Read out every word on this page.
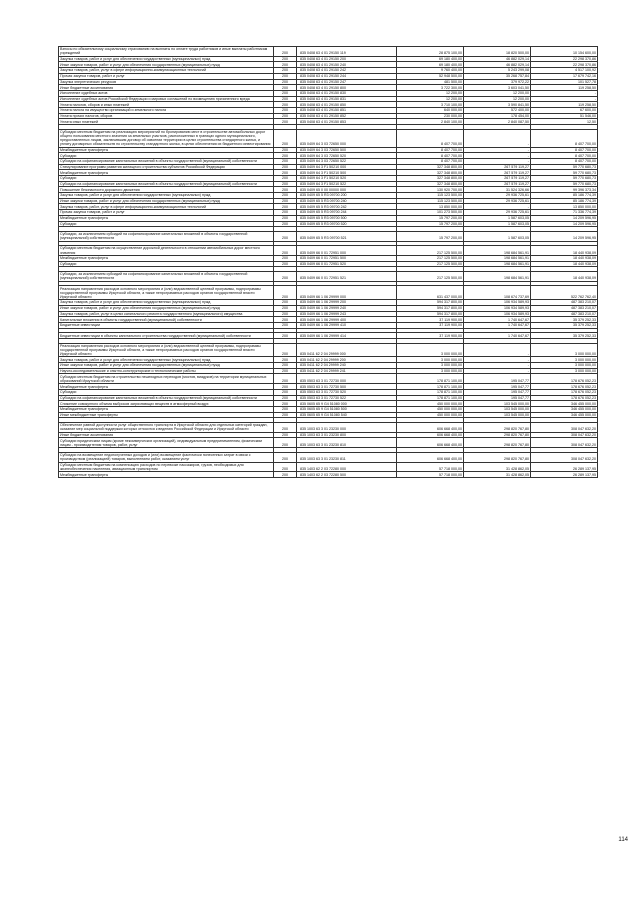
Взносы по обязательному социальному страхованию на выплаты по оплате труда работников и иные выплаты работникам учреждений	200	835 0408 63 4 01 29150 119	28 875 100,00	18 820 500,00	10 154 600,00
Закупка товаров, работ и услуг для обеспечения государственных (муниципальных) нужд	200	835 0408 63 4 01 29150 200	69 180 400,00	46 882 029,14	22 298 370,86
Иные закупки товаров, работ и услуг для обеспечения государственных (муниципальных) нужд	200	835 0408 63 4 01 29150 240	69 180 400,00	46 882 029,14	22 298 370,86
Закупка товаров, работ, услуг в сфере информационно-коммуникационных технологий	200	835 0408 63 4 01 29150 242	9 760 400,00	5 243 299,08	4 517 100,92
Прочая закупка товаров, работ и услуг	200	835 0408 63 4 01 29150 244	52 948 500,00	35 268 757,84	17 679 742,16
Закупка энергетических ресурсов	200	835 0408 63 4 01 29150 247	481 500,00	379 972,22	101 527,78
Иные бюджетные ассигнования	200	835 0408 63 4 01 29150 800	3 722 300,00	3 603 041,50	119 258,50
Исполнение судебных актов	200	835 0408 63 4 01 29150 830	12 200,00	12 200,00	-
Исполнение судебных актов Российской Федерации и мировых соглашений по возмещению причиненного вреда	200	835 0408 63 4 01 29150 831	12 200,00	12 200,00	-
Уплата налогов, сборов и иных платежей	200	835 0408 63 4 01 29150 850	3 710 100,00	3 590 841,50	119 258,50
Уплата налога на имущество организаций и земельного налога	200	835 0408 63 4 01 29150 851	640 000,00	572 400,00	67 600,00
Уплата прочих налогов, сборов	200	835 0408 63 4 01 29150 852	230 000,00	178 454,00	51 546,00
Уплата иных платежей	200	835 0408 63 4 01 29150 853	2 840 100,00	2 840 087,50	12,50

Субсидии местным бюджетам на реализацию мероприятий по бронированию мест в строительстве автомобильных дорог общего пользования местного значения за земельных участков, расположенных в границах одного муниципального, предоставленных лицам, заключившим договор об освоении территории в целях строительства стандартного жилья, и уплату договорных обязательств по строительству стандартного жилья, в целях обеспечения их бюджетного инвестирования	200	835 0409 64 3 03 72650 000	8 407 700,00	-	8 407 700,00
Межбюджетные трансферты	200	835 0409 64 3 03 72650 500	8 407 700,00	-	8 407 700,00
Субсидии	200	835 0409 64 3 03 72650 520	8 407 700,00	-	8 407 700,00
Субсидии на софинансирование капитальных вложений в объекты государственной (муниципальной) собственности	200	835 0409 64 3 03 72650 522	8 407 700,00	-	8 407 700,00
Стимулирование программ развития жилищного строительства субъектов Российской Федерации	200	835 0409 64 3 F1 50210 000	327 348 800,00	267 579 119,27	59 770 680,73
Межбюджетные трансферты	200	835 0409 64 3 F1 50210 500	327 348 800,00	267 579 119,27	59 770 680,73
Субсидии	200	835 0409 64 3 F1 50210 520	327 348 800,00	267 579 119,27	59 770 680,73
Субсидии на софинансирование капитальных вложений в объекты государственной (муниципальной) собственности	200	835 0409 64 3 F1 50210 522	327 348 800,00	267 579 119,27	59 770 680,73
Повышение безопасности дорожного движения	200	835 0409 65 0 00 00000 000	130 920 700,00	31 524 326,66	99 396 373,34
Закупка товаров, работ и услуг для обеспечения государственных (муниципальных) нужд	200	835 0409 65 5 R3 09700 200	115 123 500,00	29 936 725,61	85 186 774,39
Иные закупки товаров, работ и услуг для обеспечения государственных (муниципальных) нужд	200	835 0409 65 5 R3 09700 240	115 123 500,00	29 936 725,61	85 186 774,39
Закупка товаров, работ, услуг в сфере информационно-коммуникационных технологий	200	835 0409 65 5 R3 09700 242	13 850 000,00	-	13 850 000,00
Прочая закупка товаров, работ и услуг	200	835 0409 65 5 R3 09700 244	101 273 500,00	29 936 725,61	71 336 774,39
Межбюджетные трансферты	200	835 0409 65 5 R3 09700 500	15 797 200,00	1 587 603,05	14 209 596,95
Субсидии	200	835 0409 65 5 R3 09700 520	15 797 200,00	1 587 603,05	14 209 596,95

Субсидии, за исключением субсидий на софинансирование капитальных вложений в объекты государственной (муниципальной) собственности	200	835 0409 65 5 R3 09700 521	15 797 200,00	1 587 603,05	14 209 596,95

Субсидии местным бюджетам на осуществление дорожной деятельности в отношении автомобильных дорог местного значения	200	835 0409 66 0 01 72951 000	217 125 500,00	198 684 561,91	18 440 938,09
Межбюджетные трансферты	200	835 0409 66 0 01 72951 500	217 125 500,00	198 684 561,91	18 440 938,09
Субсидии	200	835 0409 66 0 01 72951 520	217 125 500,00	198 684 561,91	18 440 938,09

Субсидии, за исключением субсидий на софинансирование капитальных вложений в объекты государственной (муниципальной) собственности	200	835 0409 66 0 01 72951 521	217 125 500,00	198 684 561,91	18 440 938,09

Реализация направления расходов основного мероприятия и (или) ведомственной целевой программы, подпрограммы государственной программы Иркутской области, а также непрограммных расходов органов государственной власти Иркутской области	200	835 0409 66 1 06 29999 000	631 437 000,00	108 674 737,69	522 762 762,40
Закупка товаров, работ и услуг для обеспечения государственных (муниципальных) нужд	200	835 0409 66 1 06 29999 200	594 317 800,00	106 934 589,93	487 383 210,07
Иные закупки товаров, работ и услуг для обеспечения государственных (муниципальных) нужд	200	835 0409 66 1 06 29999 240	594 317 800,00	106 934 589,93	487 383 210,07
Закупка товаров, работ, услуг в целях капитального ремонта государственного (муниципального) имущества	200	835 0409 66 1 06 29999 243	594 317 800,00	106 934 589,93	487 383 210,07
Капитальные вложения в объекты государственной (муниципальной) собственности	200	835 0409 66 1 06 29999 400	37 119 900,00	1 740 647,67	35 379 252,33
Бюджетные инвестиции	200	835 0409 66 1 06 29999 410	37 119 900,00	1 740 647,67	35 379 252,33

Бюджетные инвестиции в объекты капитального строительства государственной (муниципальной) собственности	200	835 0409 66 1 06 29999 414	37 119 900,00	1 740 647,67	35 379 252,33

Реализация направления расходов основного мероприятия и (или) ведомственной целевой программы, подпрограммы государственной программы Иркутской области, а также непрограммных расходов органов государственной власти Иркутской области	200	835 0411 62 2 04 29999 000	3 000 000,00	-	3 000 000,00
Закупка товаров, работ и услуг для обеспечения государственных (муниципальных) нужд	200	835 0411 62 2 04 29999 200	3 000 000,00	-	3 000 000,00
Иные закупки товаров, работ и услуг для обеспечения государственных (муниципальных) нужд	200	835 0411 62 2 04 29999 240	3 000 000,00	-	3 000 000,00
Научно-исследовательские и опытно-конструкторские и технологические работы	200	835 0411 62 2 04 29999 241	3 000 000,00	-	3 000 000,00
Субсидии местным бюджетам на строительство пешеходных переходов (мостов, виадуков) на территории муниципальных образований Иркутской области	200	835 0503 63 3 01 72730 000	178 871 100,00	195 047,77	178 676 052,23
Межбюджетные трансферты	200	835 0503 63 3 01 72730 500	178 871 100,00	195 047,77	178 676 052,23
Субсидии	200	835 0503 63 3 01 72730 520	178 871 100,00	195 047,77	178 676 052,23
Субсидии на софинансирование капитальных вложений в объекты государственной (муниципальной) собственности	200	835 0503 63 3 01 72730 522	178 871 100,00	195 047,77	178 676 052,23
Снижение совокупного объема выбросов загрязняющих веществ в атмосферный воздух	200	835 0605 65 9 G4 51080 000	450 000 000,00	103 545 000,00	346 455 000,00
Межбюджетные трансферты	200	835 0605 65 9 G4 51080 500	450 000 000,00	103 545 000,00	346 455 000,00
Иные межбюджетные трансферты	200	835 0605 65 9 G4 51080 540	450 000 000,00	103 545 000,00	346 455 000,00

Обеспечение равной доступности услуг общественного транспорта в Иркутской области для отдельных категорий граждан, оказание мер социальной поддержки которых относится к ведению Российской Федерации и Иркутской области	200	835 1003 63 3 01 23230 000	606 668 400,00	298 820 767,80	308 047 632,20
Иные бюджетные ассигнования	200	835 1003 63 3 01 23230 800	606 668 400,00	298 820 767,80	308 047 632,20
Субсидии юридическим лицам (кроме некоммерческих организаций), индивидуальным предпринимателям, физическим лицам - производителям товаров, работ, услуг	200	835 1003 63 3 01 23230 810	606 668 400,00	298 820 767,80	308 047 632,20

Субсидии на возмещение недополученных доходов и (или) возмещение фактически понесенных затрат в связи с производством (реализацией) товаров, выполнением работ, оказанием услуг	200	835 1003 63 3 01 23230 811	606 668 400,00	298 820 767,80	308 047 632,20
Субсидии местным бюджетам на компенсацию расходов по перевозке пассажиров, грузов, необходимых для жизнеобеспечения населения, авиационным транспортом	200	835 1403 62 2 03 72280 000	57 718 000,00	31 428 862,05	26 289 137,95
Межбюджетные трансферты	200	835 1403 62 2 03 72280 500	57 718 000,00	31 428 862,05	26 289 137,95
114
